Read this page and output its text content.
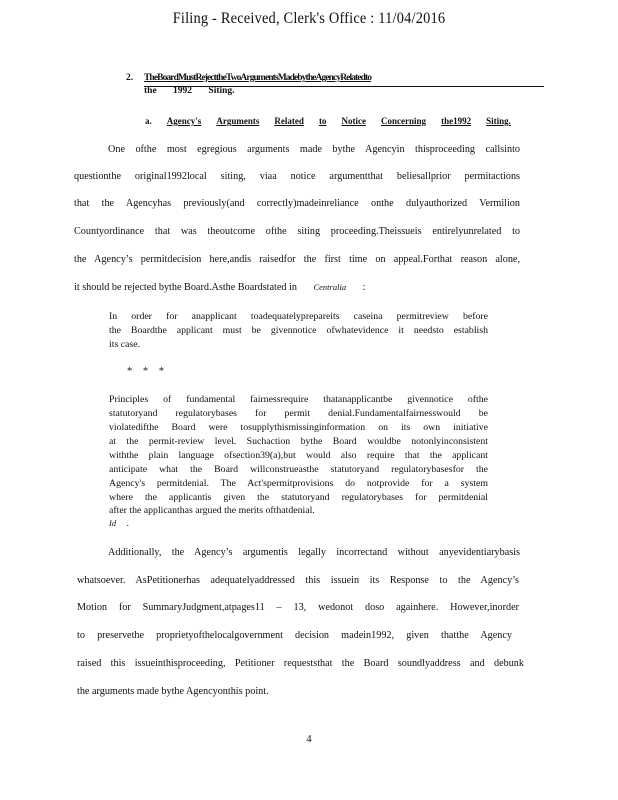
Filing - Received, Clerk's Office : 11/04/2016
2. TheBoardMustRejecttheTwoArgumentsMadebytheAgencyRelatedto
the 1992 Siting.
a. Agency's Arguments Related to Notice Concerning the1992 Siting.
One ofthe most egregious arguments made bythe Agencyin thisproceeding callsinto
questionthe original1992local siting, viaa notice argumentthat beliesallprior permitactions
that the Agencyhas previously(and correctly)madeinreliance onthe dulyauthorized Vermilion
Countyordinance that was theoutcome ofthe siting proceeding.Theissueis entirelyunrelated to
the Agency’s permitdecision here,andis raisedfor the first time on appeal.Forthat reason alone,
it should be rejected bythe Board.Asthe Boardstated in Centralia :
In order for anapplicant toadequatelyprepareits caseina permitreview before
the Boardthe applicant must be givennotice ofwhatevidence it needsto establish
its case.
* * *
Principles of fundamental fairnessrequire thatanapplicantbe givennotice ofthe
statutoryand regulatorybases for permit denial.Fundamentalfairnesswould be
violatedifthe Board were tosupplythismissinginformation on its own initiative
at the permit-review level. Suchaction bythe Board wouldbe notonlyinconsistent
withthe plain language ofsection39(a),but would also require that the applicant
anticipate what the Board willconstrueasthe statutoryand regulatorybasesfor the
Agency's permitdenial. The Act'spermitprovisions do notprovide for a system
where the applicantis given the statutoryand regulatorybases for permitdenial
after the applicanthas argued the merits ofthatdenial.
Id .
Additionally, the Agency’s argumentis legally incorrectand without anyevidentiarybasis
whatsoever. AsPetitionerhas adequatelyaddressed this issuein its Response to the Agency’s
Motion for SummaryJudgment,atpages11 – 13, wedonot doso againhere. However,inorder
to preservethe proprietyofthelocalgovernment decision madein1992, given thatthe Agency
raised this issueinthisproceeding, Petitioner requeststhat the Board soundlyaddress and debunk
the arguments made bythe Agencyonthis point.
4
